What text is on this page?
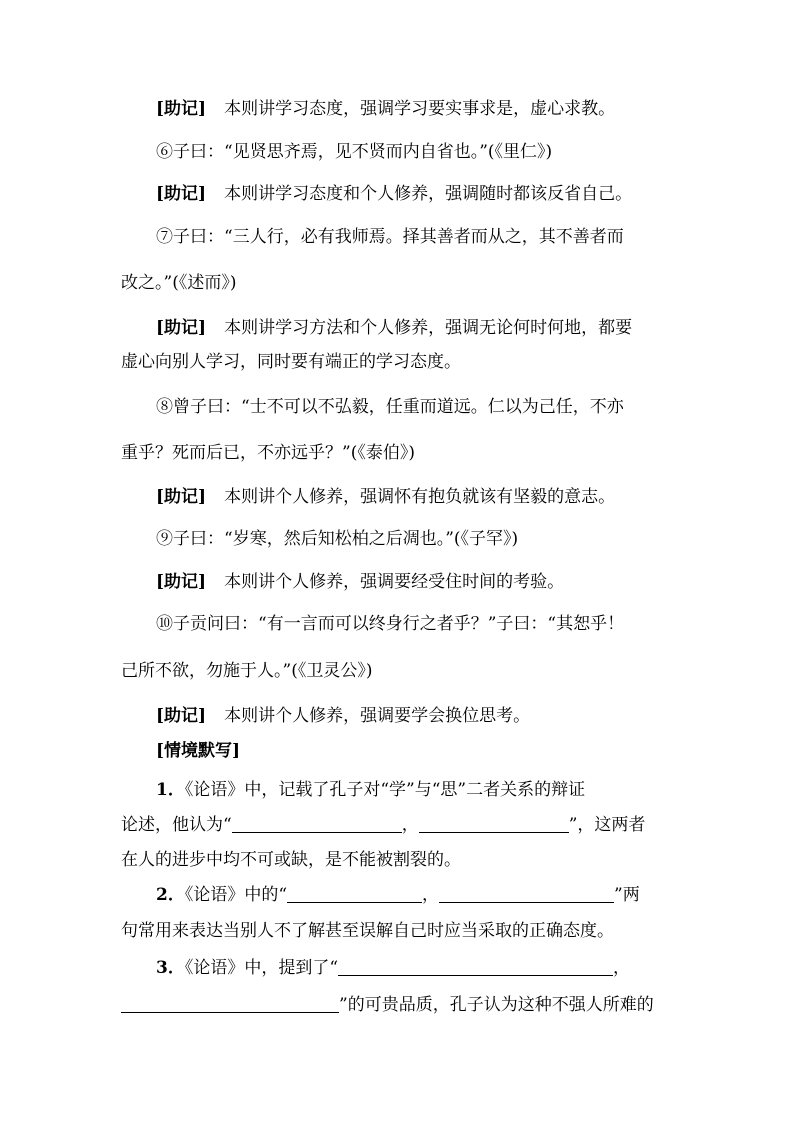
[助记] 本则讲学习态度，强调学习要实事求是，虚心求教。
⑥子曰：“见贤思齐焉，见不贤而内自省也。”(《里仁》)
[助记] 本则讲学习态度和个人修养，强调随时都该反省自己。
⑦子曰：“三人行，必有我师焉。择其善者而从之，其不善者而
改之。”(《述而》)
[助记] 本则讲学习方法和个人修养，强调无论何时何地，都要
虚心向别人学习，同时要有端正的学习态度。
⑧曾子曰：“士不可以不弘毅，任重而道远。仁以为己任，不亦
重乎？死而后已，不亦远乎？”(《泰伯》)
[助记] 本则讲个人修养，强调怀有抱负就该有坚毅的意志。
⑨子曰：“岁寒，然后知松柏之后凋也。”(《子罕》)
[助记] 本则讲个人修养，强调要经受住时间的考验。
⑩子贡问曰：“有一言而可以终身行之者乎？”子曰：“其恕乎！
己所不欲，勿施于人。”(《卫灵公》)
[助记] 本则讲个人修养，强调要学会换位思考。
[情境默写]
1．《论语》中，记载了孔子对“学”与“思”二者关系的辩证
论述，他认为“	，	”，这两者
在人的进步中均不可或缺，是不能被割裂的。
2．《论语》中的“	，	”两
句常用来表达当别人不了解甚至误解自己时应当采取的正确态度。
3．《论语》中，提到了“	，
”的可贵品质，孔子认为这种不强人所难的
